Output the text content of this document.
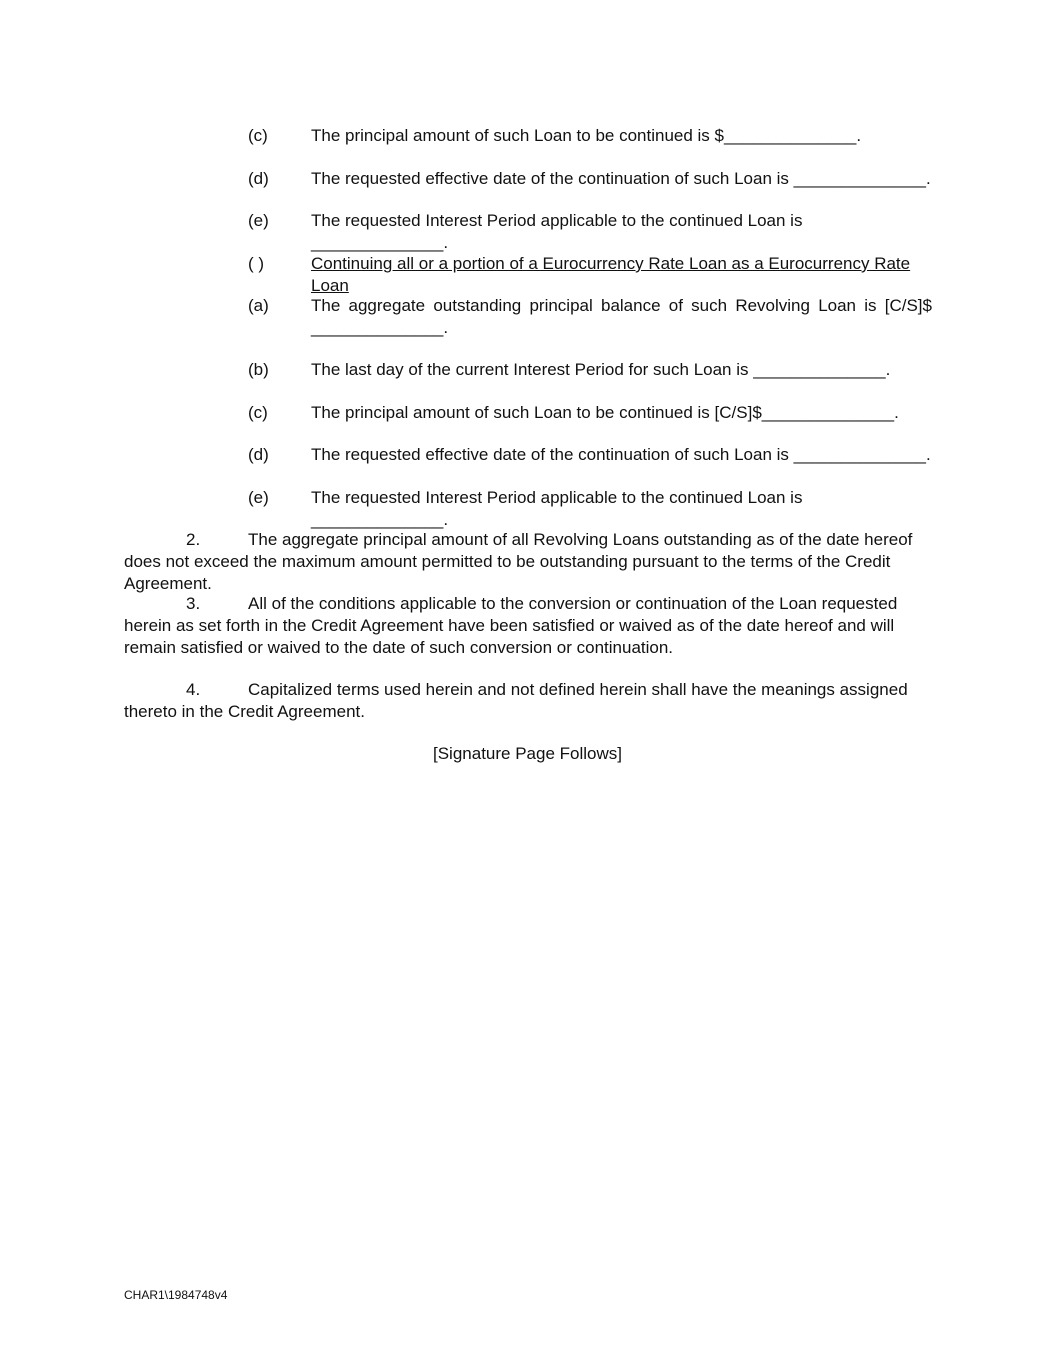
(c)	The principal amount of such Loan to be continued is $______________.
(d) The requested effective date of the continuation of such Loan is ______________.
(e) The requested Interest Period applicable to the continued Loan is ______________.
( )	Continuing all or a portion of a Eurocurrency Rate Loan as a Eurocurrency Rate Loan
(a) The aggregate outstanding principal balance of such Revolving Loan is [C/S]$
______________.
(b) The last day of the current Interest Period for such Loan is ______________.
(c)	The principal amount of such Loan to be continued is [C/S]$______________.
(d) The requested effective date of the continuation of such Loan is ______________.
(e) The requested Interest Period applicable to the continued Loan is ______________.
2.	The aggregate principal amount of all Revolving Loans outstanding as of the date hereof does not exceed the maximum amount permitted to be outstanding pursuant to the terms of the Credit Agreement.
3.	All of the conditions applicable to the conversion or continuation of the Loan requested herein as set forth in the Credit Agreement have been satisfied or waived as of the date hereof and will remain satisfied or waived to the date of such conversion or continuation.
4.	Capitalized terms used herein and not defined herein shall have the meanings assigned thereto in the Credit Agreement.
[Signature Page Follows]
CHAR1\1984748v4
